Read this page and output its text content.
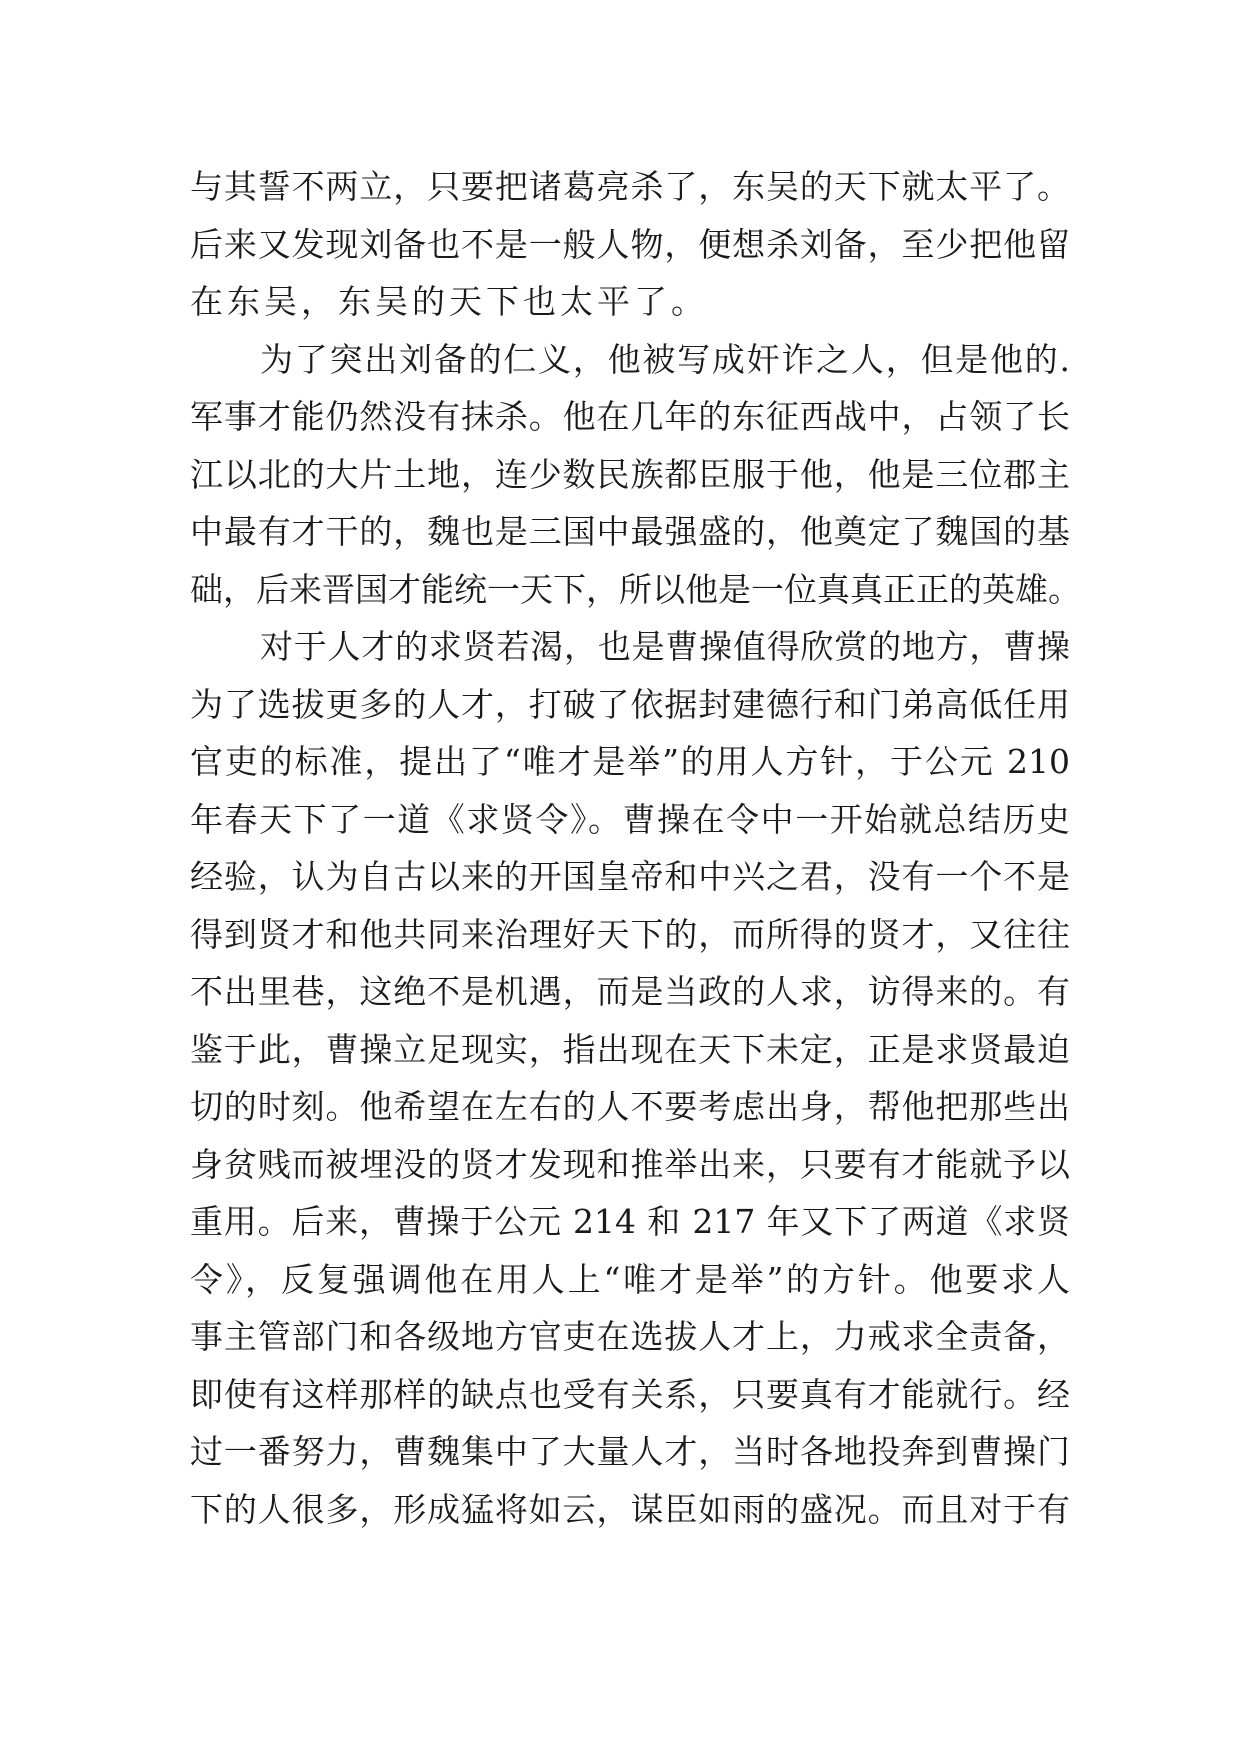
与其誓不两立，只要把诸葛亮杀了，东吴的天下就太平了。
后来又发现刘备也不是一般人物，便想杀刘备，至少把他留
在东吴，东吴的天下也太平了。
为了突出刘备的仁义，他被写成奸诈之人，但是他的.
军事才能仍然没有抹杀。他在几年的东征西战中，占领了长
江以北的大片土地，连少数民族都臣服于他，他是三位郡主
中最有才干的，魏也是三国中最强盛的，他奠定了魏国的基
础，后来晋国才能统一天下，所以他是一位真真正正的英雄。
对于人才的求贤若渴，也是曹操值得欣赏的地方，曹操
为了选拔更多的人才，打破了依据封建德行和门弟高低任用
官吏的标准，提出了“唯才是举”的用人方针，于公元 210
年春天下了一道《求贤令》。曹操在令中一开始就总结历史
经验，认为自古以来的开国皇帝和中兴之君，没有一个不是
得到贤才和他共同来治理好天下的，而所得的贤才，又往往
不出里巷，这绝不是机遇，而是当政的人求，访得来的。有
鉴于此，曹操立足现实，指出现在天下未定，正是求贤最迫
切的时刻。他希望在左右的人不要考虑出身，帮他把那些出
身贫贱而被埋没的贤才发现和推举出来，只要有才能就予以
重用。后来，曹操于公元 214 和 217 年又下了两道《求贤
令》，反复强调他在用人上“唯才是举”的方针。他要求人
事主管部门和各级地方官吏在选拔人才上，力戒求全责备，
即使有这样那样的缺点也受有关系，只要真有才能就行。经
过一番努力，曹魏集中了大量人才，当时各地投奔到曹操门
下的人很多，形成猛将如云，谋臣如雨的盛况。而且对于有
